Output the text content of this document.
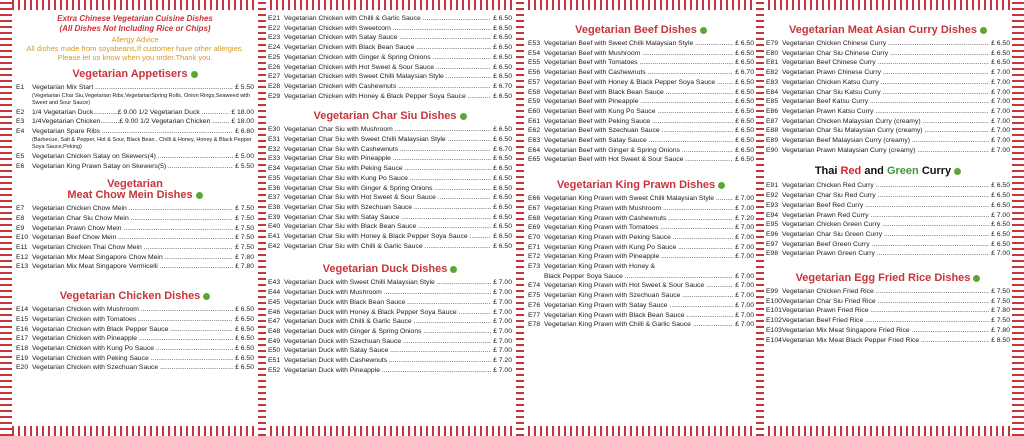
Extra Chinese Vegetarian Cuisine Dishes
(All Dishes Not Including Rice or Chips)
Allergy Advice
All dishes made from soyabeans,If customer have other allergies.
Please let us know when you order.Thank you.
Vegetarian Appetisers
E1	Vegetarian Mix Start .....	£ 5.50
(Vegetarian Char Siu,Vegetarian Ribs,VegetarianSpring Rolls, Onion Rings,Seaweed with Sweet and Sour Sauce)
E2	1/4 Vegetarian Duck.............£ 9.00 1/2 Vegetarian Duck .....	£ 18.00
E3	1/4Vegetarian Chicken..........£ 9.00 1/2 Vegetarian Chicken .....	£ 18.00
E4	Vegetarian Spare Ribs .....	£ 6.80
(Barbecue, Salt & Pepper, Hot & Sour, Black Bean , Chilli & Honey, Honey & Black Pepper Soya Sauce,Peking)
E5	Vegetarian Chicken Satay on Skewers(4) .....	£ 5.00
E6	Vegetarian King Prawn Satay on Skewers(5) .....	£ 5.50
Vegetarian
Meat Chow Mein Dishes
E7	Vegetarian Chicken Chow Mein .....	£ 7.50
E8	Vegetarian Char Siu Chow Mein .....	£ 7.50
E9	Vegetarian Prawn Chow Mein .....	£ 7.50
E10 Vegetarian Beef Chow Mein .....	£ 7.50
E11 Vegetarian Chicken Thai Chow Mein .....	£ 7.50
E12 Vegetarian Mix Meat Singapore Chow Mein .....	£ 7.80
E13 Vegetarian Mix Meat Singapore Vermicelli .....	£ 7.80
Vegetarian Chicken Dishes
E14 Vegetarian Chicken with Mushroom .....	£ 6.50
E15 Vegetarian Chicken with Tomatoes .....	£ 6.50
E16 Vegetarian Chicken with Black Pepper Sauce .....	£ 6.50
E17 Vegetarian Chicken with Pineapple .....	£ 6.50
E18 Vegetarian Chicken with Kung Po Sauce .....	£ 6.50
E19 Vegetarian Chicken with Peking Sauce .....	£ 6.50
E20 Vegetarian Chicken with Szechuan Sauce .....	£ 6.50
E21 Vegetarian Chicken with Chilli & Garlic Sauce .....	£ 6.50
E22 Vegetarian Chicken with Sweetcorn .....	£ 6.50
E23 Vegetarian Chicken with Satay Sauce .....	£ 6.50
E24 Vegetarian Chicken with Black Bean Sauce .....	£ 6.50
E25 Vegetarian Chicken with Ginger & Spring Onions .....	£ 6.50
E26 Vegetarian Chicken with Hot Sweet & Sour Sauce .....	£ 6.50
E27 Vegetarian Chicken with Sweet Chilli Malaysian Style .....	£ 6.50
E28 Vegetarian Chicken with Cashewnuts .....	£ 6.70
E29 Vegetarian Chicken with Honey & Black Pepper Soya Sauce .....	£ 6.50
Vegetarian Char Siu Dishes
E30 Vegetarian Char Siu with Mushroom .....	£ 6.50
E31 Vegetarian Char Siu with Sweet Chilli Malaysian Style .....	£ 6.50
E32 Vegetarian Char Siu with Cashewnuts .....	£ 6.70
E33 Vegetarian Char Siu with Pineapple .....	£ 6.50
E34 Vegetarian Char Siu with Peking Sauce .....	£ 6.50
E35 Vegetarian Char Siu with Kung Po Sauce .....	£ 6.50
E36 Vegetarian Char Siu with Ginger & Spring Onions .....	£ 6.50
E37 Vegetarian Char Siu with Hot Sweet & Sour Sauce .....	£ 6.50
E38 Vegetarian Char Siu with Szechuan Sauce .....	£ 6.50
E39 Vegetarian Char Siu with Satay Sauce .....	£ 6.50
E40 Vegetarian Char Siu with Black Bean Sauce .....	£ 6.50
E41 Vegetarian Char Siu with Honey & Black Pepper Soya Sauce .....	£ 6.50
E42 Vegetarian Char Siu with Chilli & Garlic Sauce .....	£ 6.50
Vegetarian Duck Dishes
E43 Vegetarian Duck with Sweet Chilli Malaysian Style .....	£ 7.00
E44 Vegetarian Duck with Mushroom .....	£ 7.00
E45 Vegetarian Duck with Black Bean Sauce .....	£ 7.00
E46 Vegetarian Duck with Honey & Black Pepper Soya Sauce .....	£ 7.00
E47 Vegetarian Duck with Chilli & Garlic Sauce .....	£ 7.00
E48 Vegetarian Duck with Ginger & Spring Onions .....	£ 7.00
E49 Vegetarian Duck with Szechuan Sauce .....	£ 7.00
E50 Vegetarian Duck with Satay Sauce .....	£ 7.00
E51 Vegetarian Duck with Cashewnuts .....	£ 7.20
E52 Vegetarian Duck with Pineapple .....	£ 7.00
Vegetarian Beef Dishes
E53 Vegetarian Beef with Sweet Chilli Malaysian Style .....	£ 6.50
E54 Vegetarian Beef with Mushroom .....	£ 6.50
E55 Vegetarian Beef with Tomatoes .....	£ 6.50
E56 Vegetarian Beef with Cashewnuts .....	£ 6.70
E57 Vegetarian Beef with Honey & Black Pepper Soya Sauce .....	£ 6.50
E58 Vegetarian Beef with Black Bean Sauce .....	£ 6.50
E59 Vegetarian Beef with Pineapple .....	£ 6.50
E60 Vegetarian Beef with Kung Po Sauce .....	£ 6.50
E61 Vegetarian Beef with Peking Sauce .....	£ 6.50
E62 Vegetarian Beef with Szechuan Sauce .....	£ 6.50
E63 Vegetarian Beef with Satay Sauce .....	£ 6.50
E64 Vegetarian Beef with Ginger & Spring Onions .....	£ 6.50
E65 Vegetarian Beef with Hot Sweet & Sour Sauce .....	£ 6.50
Vegetarian King Prawn Dishes
E66 Vegetarian King Prawn with Sweet Chilli Malaysian Style .....	£ 7.00
E67 Vegetarian King Prawn with Mushroom .....	£ 7.00
E68 Vegetarian King Prawn with Cashewnuts .....	£ 7.20
E69 Vegetarian King Prawn with Tomatoes .....	£ 7.00
E70 Vegetarian King Prawn with Peking Sauce .....	£ 7.00
E71 Vegetarian King Prawn with Kung Po Sauce .....	£ 7.00
E72 Vegetarian King Prawn with Pineapple .....	£ 7.00
E73 Vegetarian King Prawn with Honey &
Black Pepper Soya Sauce .....	£ 7.00
E74 Vegetarian King Prawn with Hot Sweet & Sour Sauce .....	£ 7.00
E75 Vegetarian King Prawn with Szechuan Sauce .....	£ 7.00
E76 Vegetarian King Prawn with Satay Sauce .....	£ 7.00
E77 Vegetarian King Prawn with Black Bean Sauce .....	£ 7.00
E78 Vegetarian King Prawn with Chilli & Garlic Sauce .....	£ 7.00
Vegetarian Meat Asian Curry Dishes
E79 Vegetarian Chicken Chinese Curry .....	£ 6.50
E80 Vegetarian Char Siu Chinese Curry .....	£ 6.50
E81 Vegetarian Beef Chinese Curry .....	£ 6.50
E82 Vegetarian Prawn Chinese Curry .....	£ 7.00
E83 Vegetarian Chicken Katsu Curry .....	£ 7.00
E84 Vegetarian Char Siu Katsu Curry .....	£ 7.00
E85 Vegetarian Beef Katsu Curry .....	£ 7.00
E86 Vegetarian Prawn Katsu Curry .....	£ 7.00
E87 Vegetarian Chicken Malaysian Curry (creamy) .....	£ 7.00
E88 Vegetarian Char Siu Malaysian Curry (creamy) .....	£ 7.00
E89 Vegetarian Beef Malaysian Curry (creamy) .....	£ 7.00
E90 Vegetarian Prawn Malaysian Curry (creamy) .....	£ 7.00
Thai Red and Green Curry
E91 Vegetarian Chicken Red Curry .....	£ 6.50
E92 Vegetarian Char Siu Red Curry .....	£ 6.50
E93 Vegetarian Beef Red Curry .....	£ 6.50
E94 Vegetarian Prawn Red Curry .....	£ 7.00
E95 Vegetarian Chicken Green Curry .....	£ 6.50
E96 Vegetarian Char Siu Green Curry .....	£ 6.50
E97 Vegetarian Beef Green Curry .....	£ 6.50
E98 Vegetarian Prawn Green Curry .....	£ 7.00
Vegetarian Egg Fried Rice Dishes
E99 Vegetarian Chicken Fried Rice .....	£ 7.50
E100 Vegetarian Char Siu Fried Rice .....	£ 7.50
E101 Vegetarian Prawn Fried Rice .....	£ 7.80
E102 Vegetarian Beef Fried Rice .....	£ 7.50
E103 Vegetarian Mix Meat Singapore Fried Rice .....	£ 7.80
E104 Vegetarian Mix Meat Black Pepper Fried Rice .....	£ 8.50
